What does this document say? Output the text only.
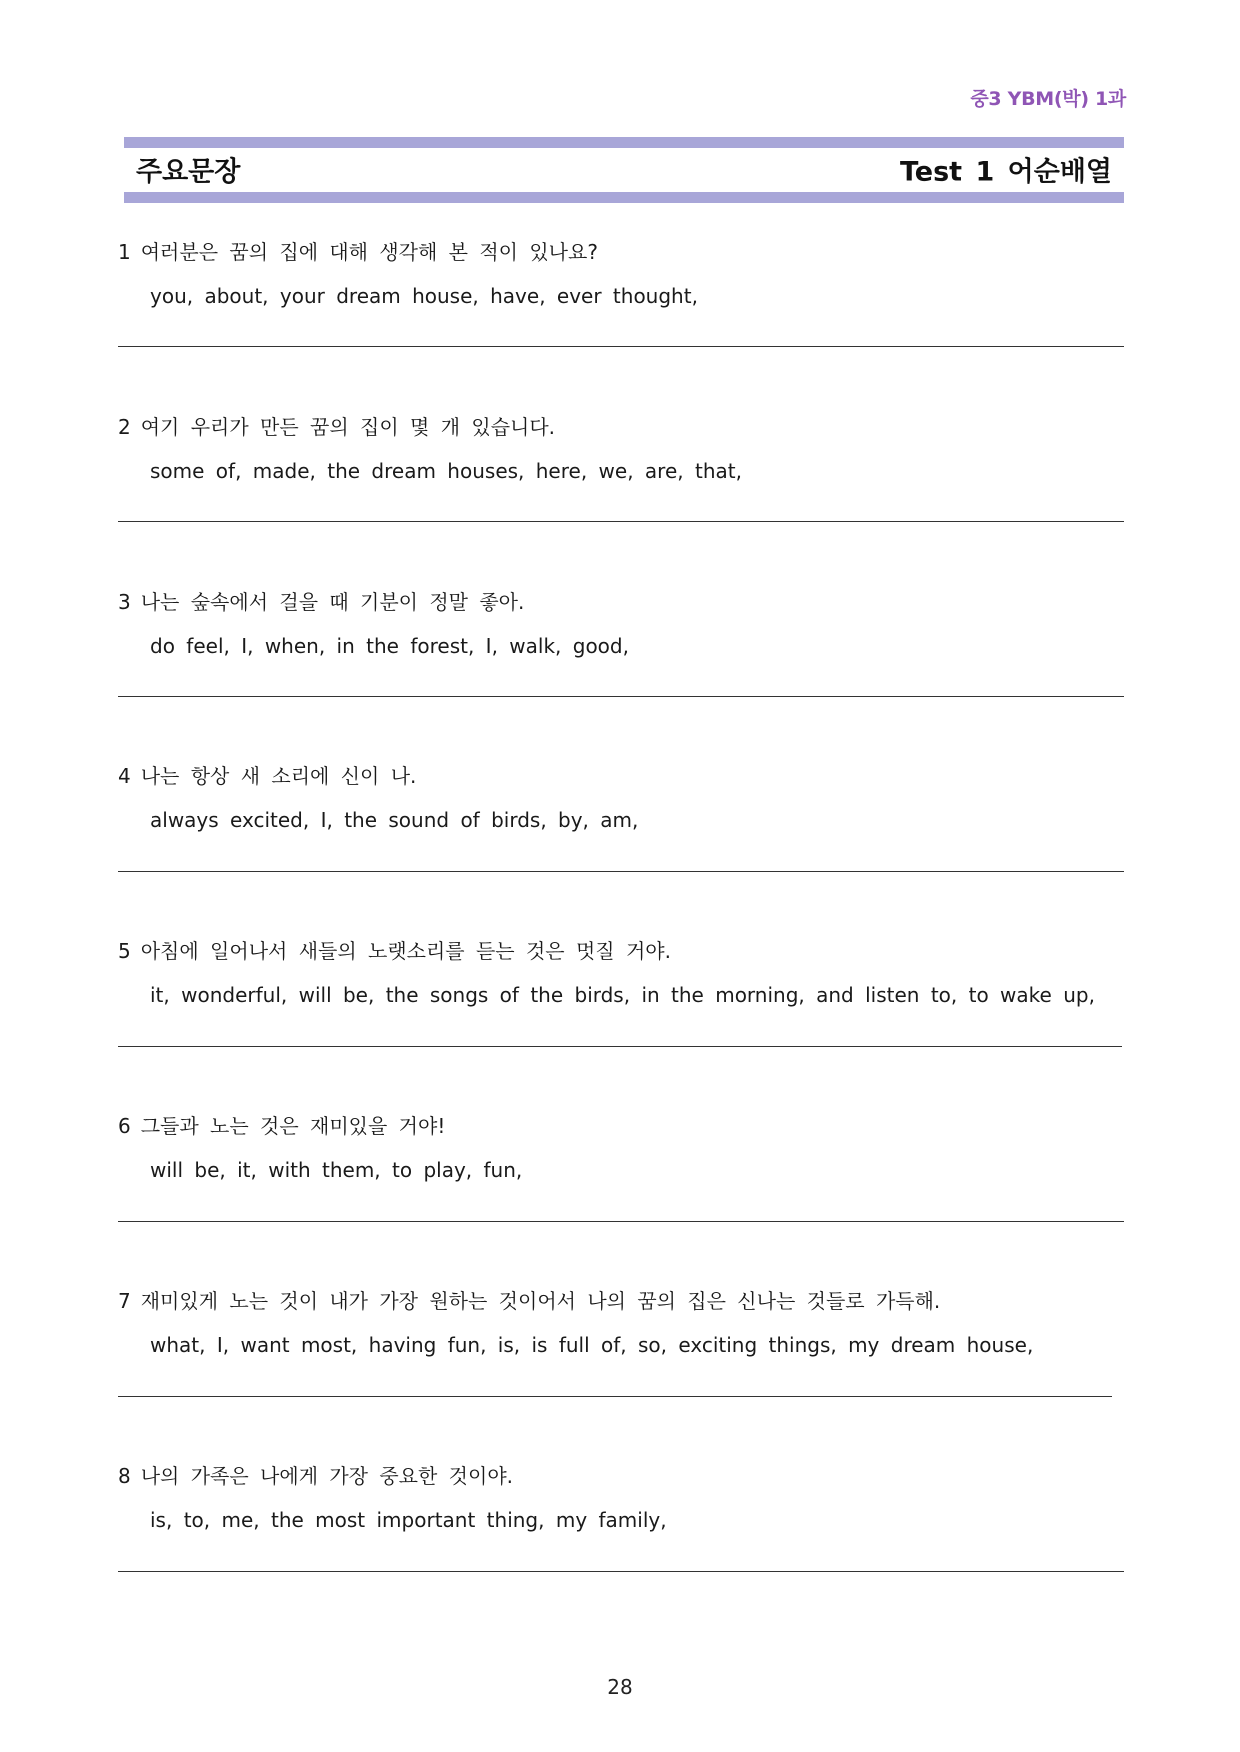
중3 YBM(박) 1과
주요문장	Test 1 어순배열
1 여러분은 꿈의 집에 대해 생각해 본 적이 있나요?
you, about, your dream house, have, ever thought,
2 여기 우리가 만든 꿈의 집이 몇 개 있습니다.
some of, made, the dream houses, here, we, are, that,
3 나는 숲속에서 걸을 때 기분이 정말 좋아.
do feel, I, when, in the forest, I, walk, good,
4 나는 항상 새 소리에 신이 나.
always excited, I, the sound of birds, by, am,
5 아침에 일어나서 새들의 노랫소리를 듣는 것은 멋질 거야.
it, wonderful, will be, the songs of the birds, in the morning, and listen to, to wake up,
6 그들과 노는 것은 재미있을 거야!
will be, it, with them, to play, fun,
7 재미있게 노는 것이 내가 가장 원하는 것이어서 나의 꿈의 집은 신나는 것들로 가득해.
what, I, want most, having fun, is, is full of, so, exciting things, my dream house,
8 나의 가족은 나에게 가장 중요한 것이야.
is, to, me, the most important thing, my family,
28
